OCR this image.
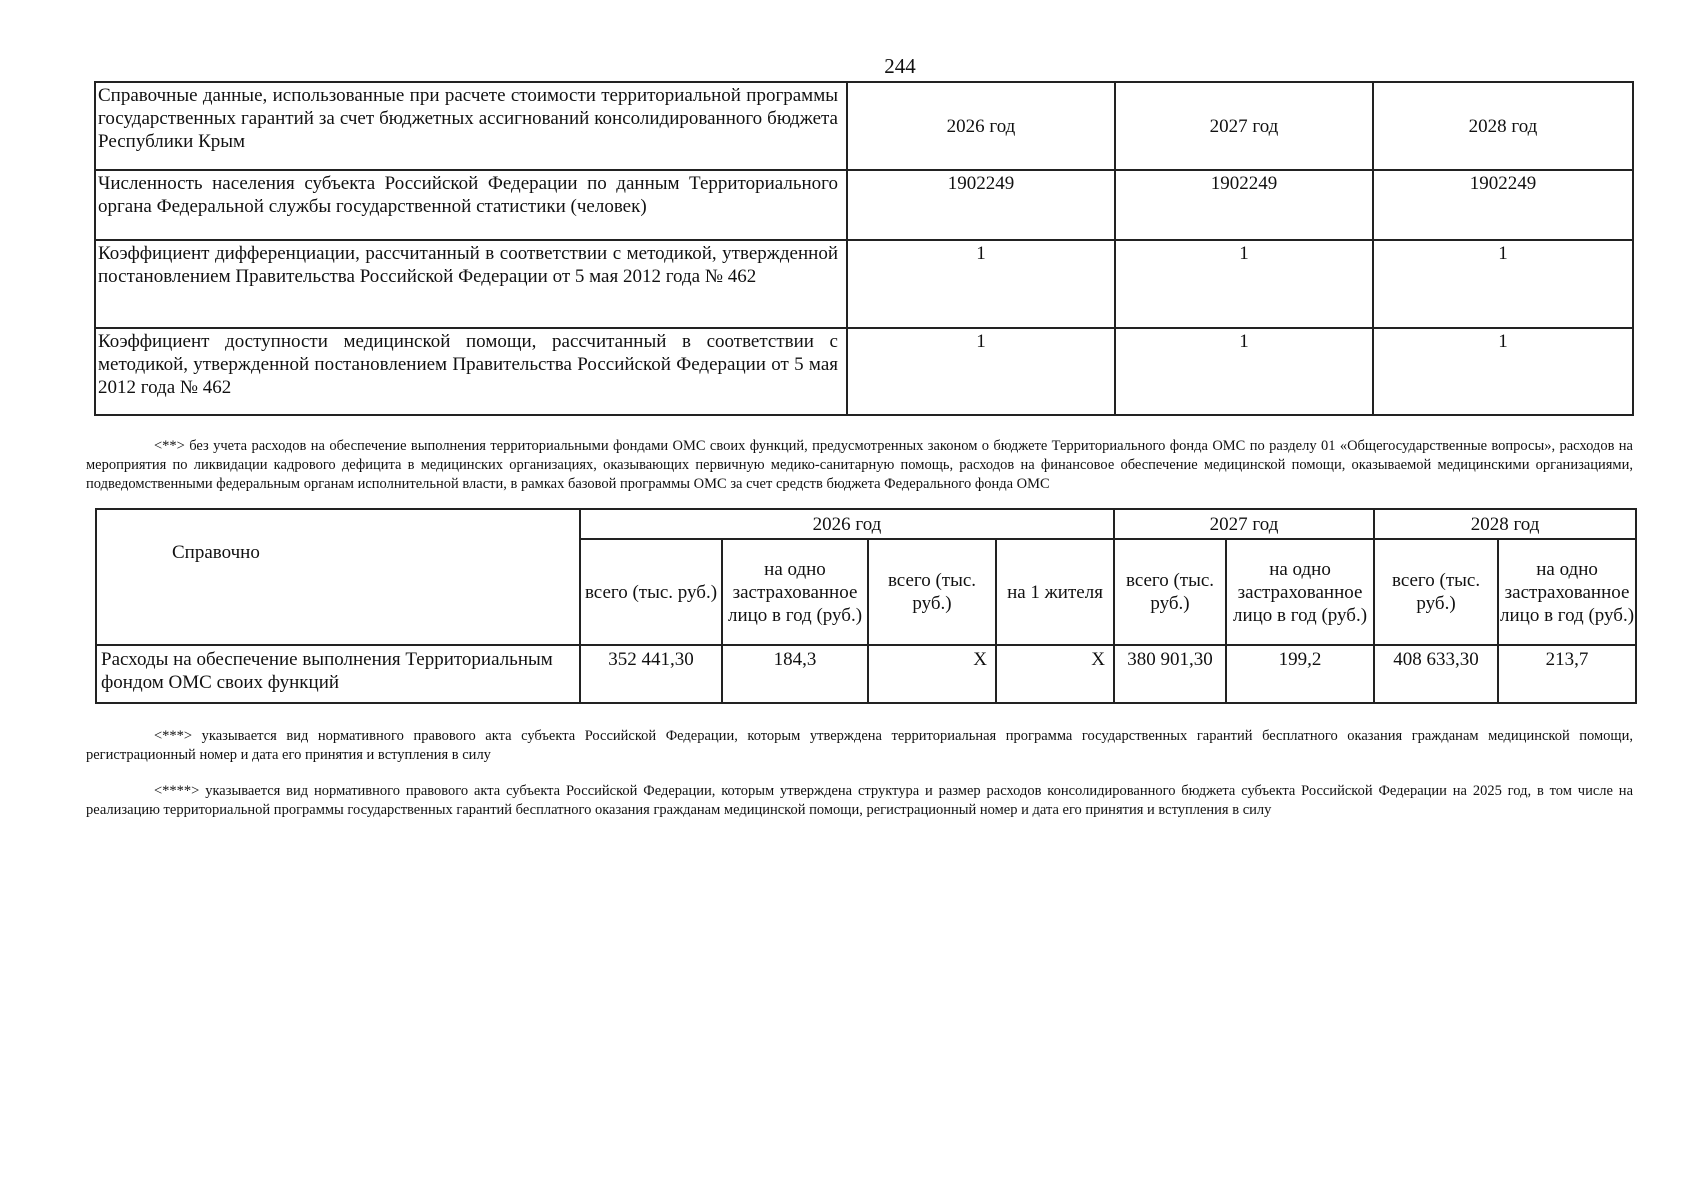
244
Справочные данные, использованные при расчете стоимости территориальной программы государственных гарантий за счет бюджетных ассигнований консолидированного бюджета Республики Крым	2026 год	2027 год	2028 год
Численность населения субъекта Российской Федерации по данным Территориального органа Федеральной службы государственной статистики (человек)	1902249	1902249	1902249

Коэффициент дифференциации, рассчитанный в соответствии с методикой, утвержденной постановлением Правительства Российской Федерации от 5 мая 2012 года № 462	1	1	1

Коэффициент доступности медицинской помощи, рассчитанный в соответствии с методикой, утвержденной постановлением Правительства Российской Федерации от 5 мая 2012 года № 462	1	1	1
<**> без учета расходов на обеспечение выполнения территориальными фондами ОМС своих функций, предусмотренных законом о бюджете Территориального фонда ОМС по разделу 01 «Общегосударственные вопросы», расходов на мероприятия по ликвидации кадрового дефицита в медицинских организациях, оказывающих первичную медико-санитарную помощь, расходов на финансовое обеспечение медицинской помощи, оказываемой медицинскими организациями, подведомственными федеральным органам исполнительной власти, в рамках базовой программы ОМС за счет средств бюджета Федерального фонда ОМС
Справочно	2026 год				2027 год		2028 год	
	всего (тыс. руб.)	на одно застрахованное лицо в год (руб.)	всего (тыс. руб.)	на 1 жителя	всего (тыс. руб.)	на одно застрахованное лицо в год (руб.)	всего (тыс. руб.)	на одно застрахованное лицо в год (руб.)
Расходы на обеспечение выполнения Территориальным фондом ОМС своих функций	352 441,30	184,3	X	X	380 901,30	199,2	408 633,30	213,7
<***> указывается вид нормативного правового акта субъекта Российской Федерации, которым утверждена территориальная программа государственных гарантий бесплатного оказания гражданам медицинской помощи, регистрационный номер и дата его принятия и вступления в силу
<****> указывается вид нормативного правового акта субъекта Российской Федерации, которым утверждена структура и размер расходов консолидированного бюджета субъекта Российской Федерации на 2025 год, в том числе на реализацию территориальной программы государственных гарантий бесплатного оказания гражданам медицинской помощи, регистрационный номер и дата его принятия и вступления в силу
